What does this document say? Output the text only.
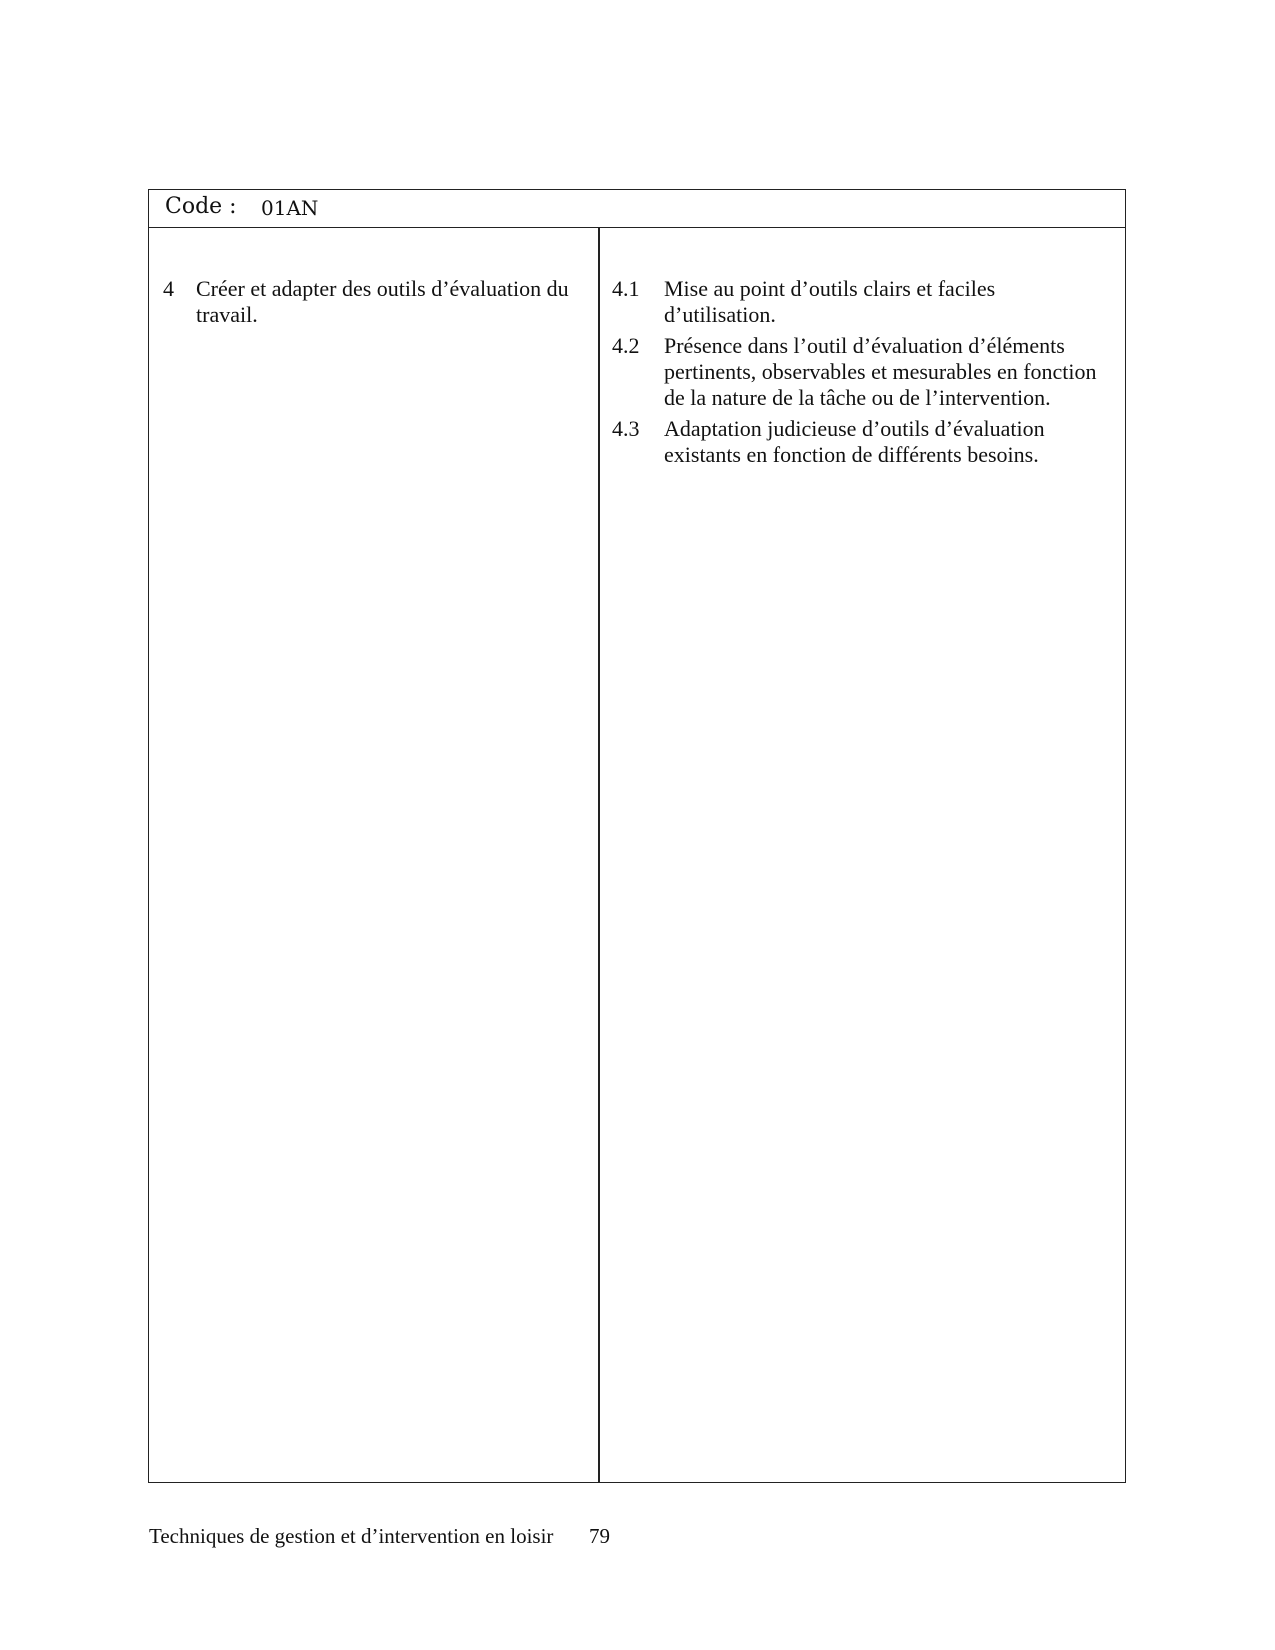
Code : 01AN
4 Créer et adapter des outils d’évaluation du
travail.
4.1 Mise au point d’outils clairs et faciles
d’utilisation.
4.2 Présence dans l’outil d’évaluation d’éléments
pertinents, observables et mesurables en fonction
de la nature de la tâche ou de l’intervention.
4.3 Adaptation judicieuse d’outils d’évaluation
existants en fonction de différents besoins.
Techniques de gestion et d’intervention en loisir 79
